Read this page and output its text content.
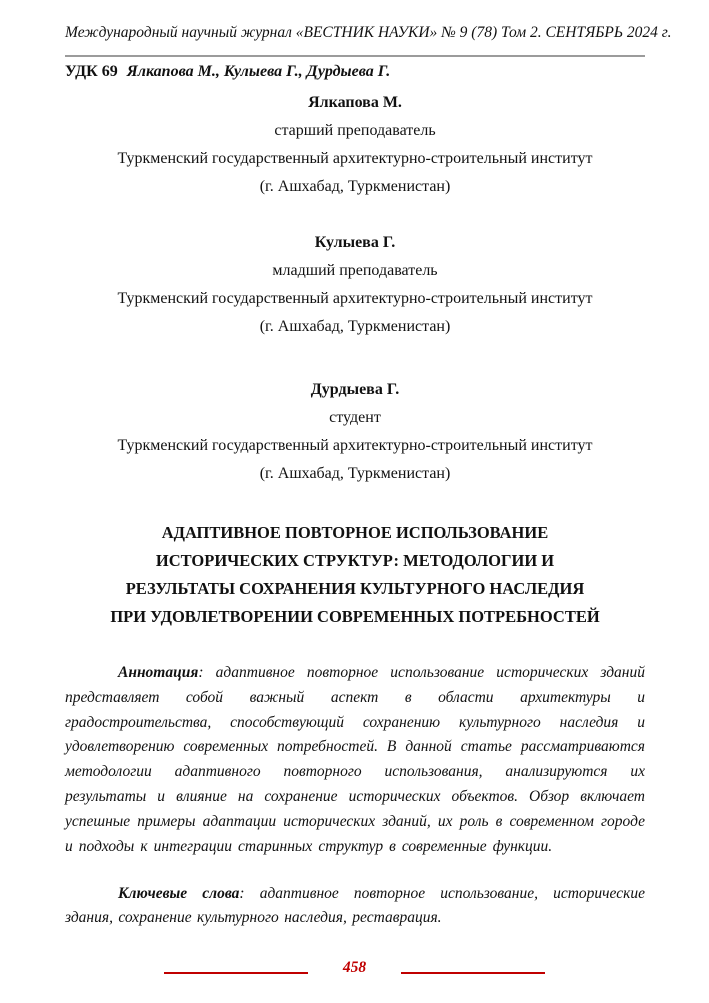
Международный научный журнал «ВЕСТНИК НАУКИ» № 9 (78) Том 2. СЕНТЯБРЬ 2024 г.

УДК 69 Ялкапова М., Кулыева Г., Дурдыева Г.

Ялкапова М.
старший преподаватель
Туркменский государственный архитектурно-строительный институт
(г. Ашхабад, Туркменистан)
Кулыева Г.
младший преподаватель
Туркменский государственный архитектурно-строительный институт
(г. Ашхабад, Туркменистан)
Дурдыева Г.
студент
Туркменский государственный архитектурно-строительный институт
(г. Ашхабад, Туркменистан)
АДАПТИВНОЕ ПОВТОРНОЕ ИСПОЛЬЗОВАНИЕ
ИСТОРИЧЕСКИХ СТРУКТУР: МЕТОДОЛОГИИ И
РЕЗУЛЬТАТЫ СОХРАНЕНИЯ КУЛЬТУРНОГО НАСЛЕДИЯ
ПРИ УДОВЛЕТВОРЕНИИ СОВРЕМЕННЫХ ПОТРЕБНОСТЕЙ

Аннотация: адаптивное повторное использование исторических зданий представляет собой важный аспект в области архитектуры и градостроительства, способствующий сохранению культурного наследия и удовлетворению современных потребностей. В данной статье рассматриваются методологии адаптивного повторного использования, анализируются их результаты и влияние на сохранение исторических объектов. Обзор включает успешные примеры адаптации исторических зданий, их роль в современном городе и подходы к интеграции старинных структур в современные функции.

Ключевые слова: адаптивное повторное использование, исторические здания, сохранение культурного наследия, реставрация.

458
